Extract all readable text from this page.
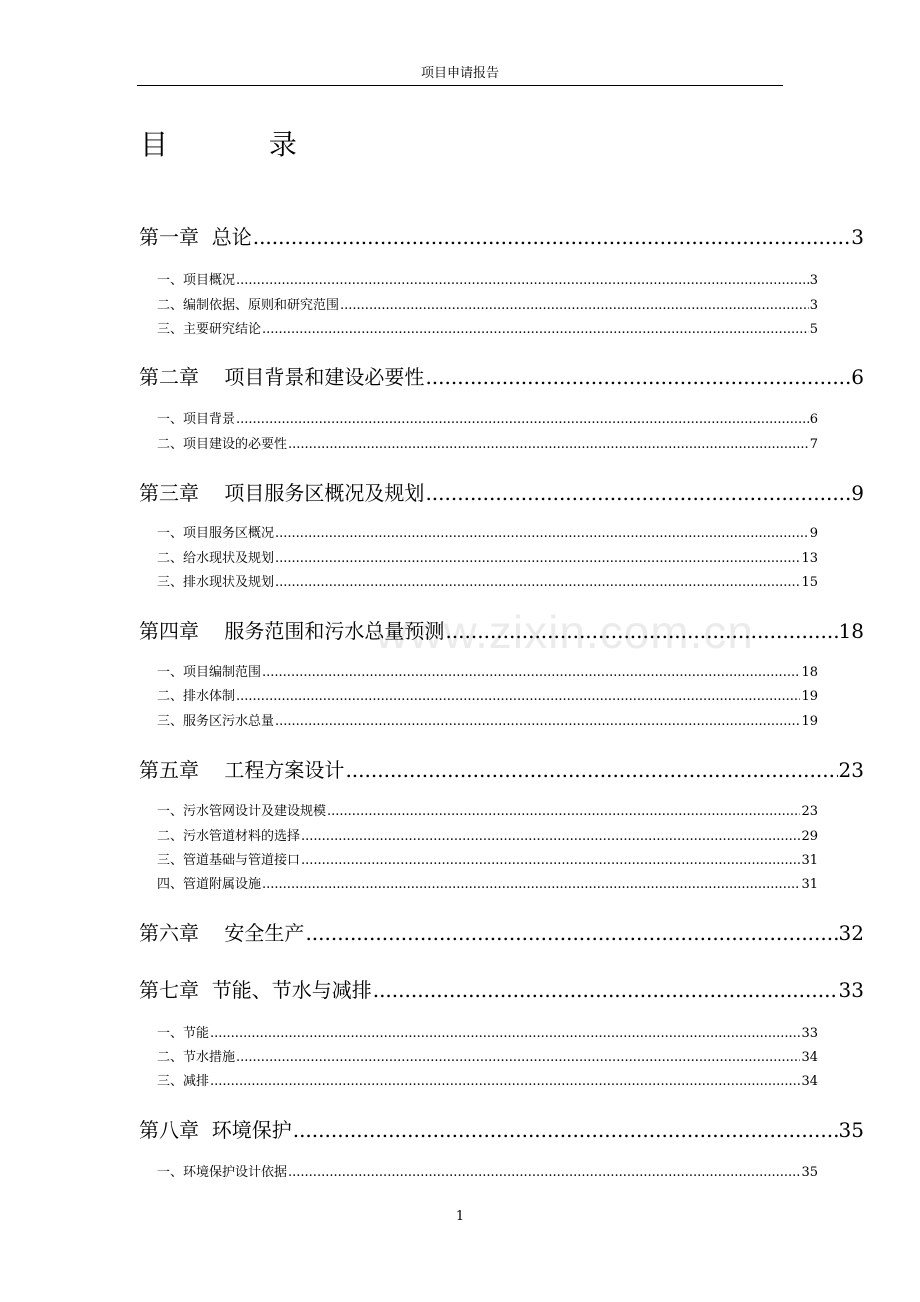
项目申请报告
目 录
第一章  总论 .....	3
一、项目概况 .....	3
二、编制依据、原则和研究范围 .....	3
三、主要研究结论 .....	5
第二章    项目背景和建设必要性 .....	6
一、项目背景 .....	6
二、项目建设的必要性 .....	7
第三章    项目服务区概况及规划 .....	9
一、项目服务区概况 .....	9
二、给水现状及规划 .....	13
三、排水现状及规划 .....	15
第四章    服务范围和污水总量预测 .....	18
一、项目编制范围 .....	18
二、排水体制 .....	19
三、服务区污水总量 .....	19
第五章    工程方案设计 .....	23
一、污水管网设计及建设规模 .....	23
二、污水管道材料的选择 .....	29
三、管道基础与管道接口 .....	31
四、管道附属设施 .....	31
第六章    安全生产 .....	32
第七章  节能、节水与减排 .....	33
一、节能 .....	33
二、节水措施 .....	34
三、减排 .....	34
第八章  环境保护 .....	35
一、环境保护设计依据 .....	35
www.zixin.com.cn
1
